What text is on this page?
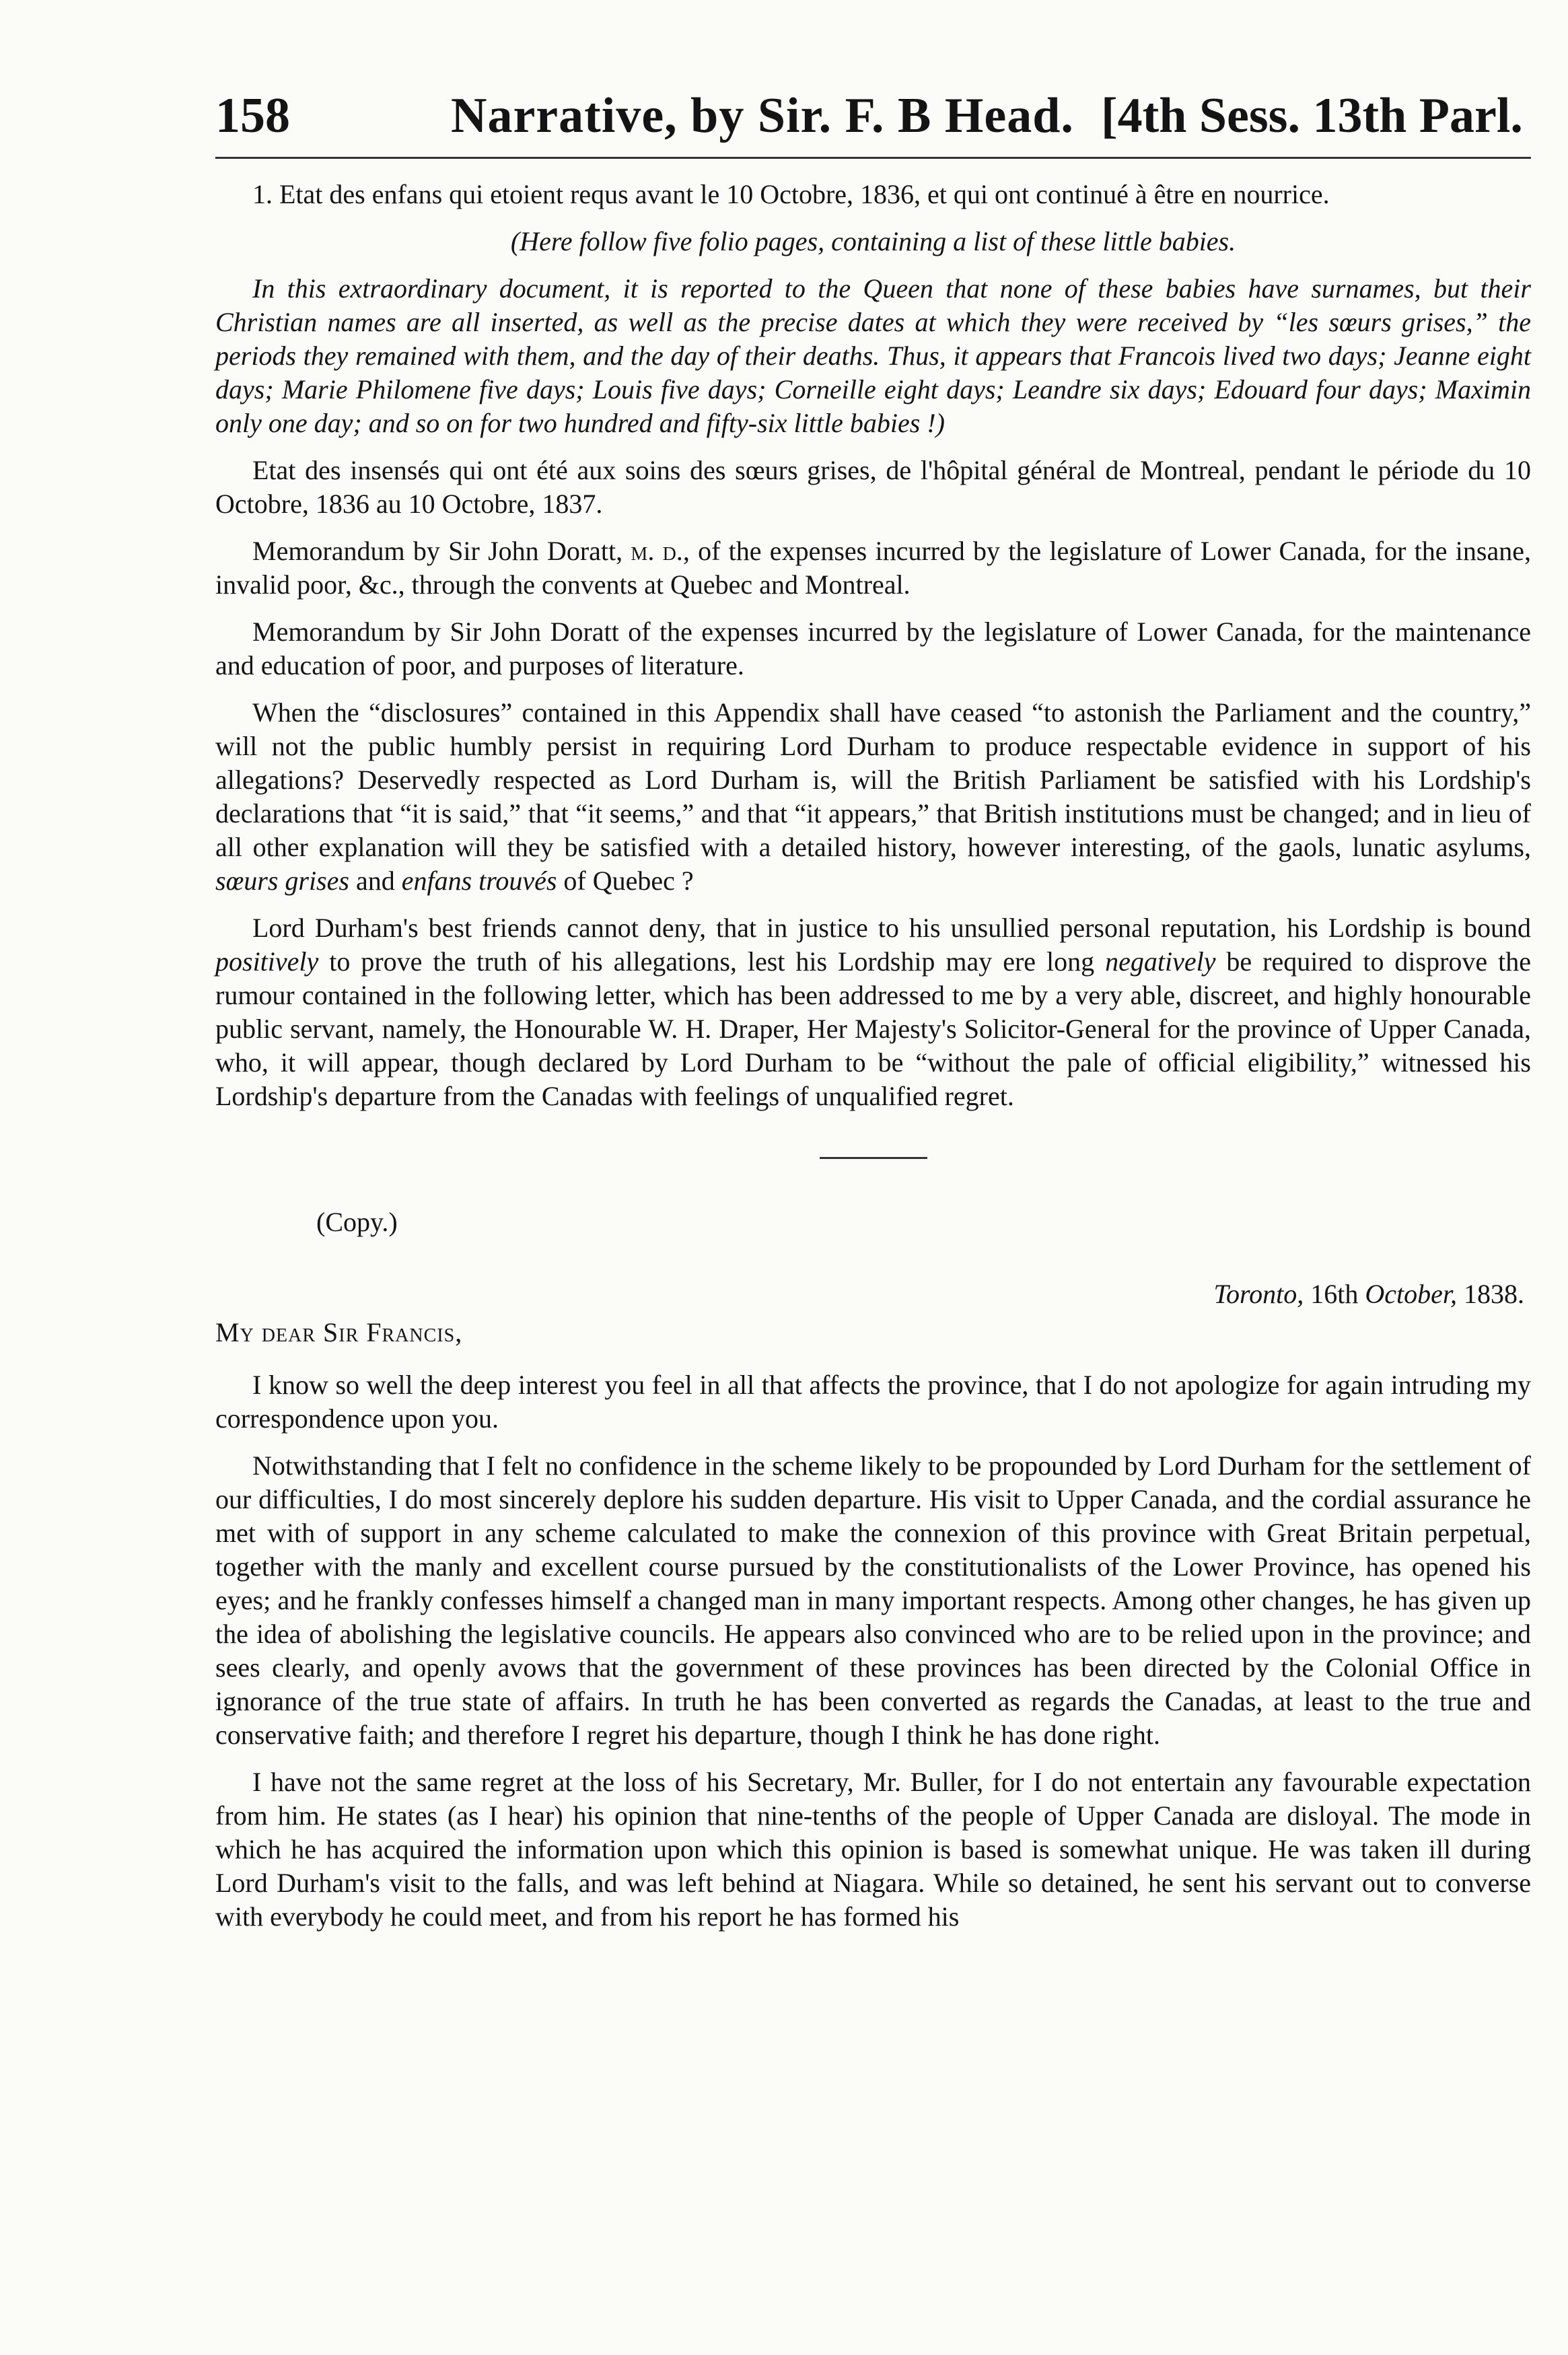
158	Narrative, by Sir. F. B Head. [4th Sess. 13th Parl.

1. Etat des enfans qui etoient requs avant le 10 Octobre, 1836, et qui ont continué à être en nourrice.

(Here follow five folio pages, containing a list of these little babies.

In this extraordinary document, it is reported to the Queen that none of these babies have surnames, but their Christian names are all inserted, as well as the precise dates at which they were received by “les sœurs grises,” the periods they remained with them, and the day of their deaths. Thus, it appears that Francois lived two days; Jeanne eight days; Marie Philomene five days; Louis five days; Corneille eight days; Leandre six days; Edouard four days; Maximin only one day; and so on for two hundred and fifty-six little babies !)

Etat des insensés qui ont été aux soins des sœurs grises, de l'hôpital général de Montreal, pendant le période du 10 Octobre, 1836 au 10 Octobre, 1837.

Memorandum by Sir John Doratt, m. d., of the expenses incurred by the legislature of Lower Canada, for the insane, invalid poor, &c., through the convents at Quebec and Montreal.

Memorandum by Sir John Doratt of the expenses incurred by the legislature of Lower Canada, for the maintenance and education of poor, and purposes of literature.

When the “disclosures” contained in this Appendix shall have ceased “to astonish the Parliament and the country,” will not the public humbly persist in requiring Lord Durham to produce respectable evidence in support of his allegations? Deservedly respected as Lord Durham is, will the British Parliament be satisfied with his Lordship's declarations that “it is said,” that “it seems,” and that “it appears,” that British institutions must be changed; and in lieu of all other explanation will they be satisfied with a detailed history, however interesting, of the gaols, lunatic asylums, sœurs grises and enfans trouvés of Quebec ?

Lord Durham's best friends cannot deny, that in justice to his unsullied personal reputation, his Lordship is bound positively to prove the truth of his allegations, lest his Lordship may ere long negatively be required to disprove the rumour contained in the following letter, which has been addressed to me by a very able, discreet, and highly honourable public servant, namely, the Honourable W. H. Draper, Her Majesty's Solicitor-General for the province of Upper Canada, who, it will appear, though declared by Lord Durham to be “without the pale of official eligibility,” witnessed his Lordship's departure from the Canadas with feelings of unqualified regret.

(Copy.)
Toronto, 16th October, 1838.
My dear Sir Francis,

I know so well the deep interest you feel in all that affects the province, that I do not apologize for again intruding my correspondence upon you.

Notwithstanding that I felt no confidence in the scheme likely to be propounded by Lord Durham for the settlement of our difficulties, I do most sincerely deplore his sudden departure. His visit to Upper Canada, and the cordial assurance he met with of support in any scheme calculated to make the connexion of this province with Great Britain perpetual, together with the manly and excellent course pursued by the constitutionalists of the Lower Province, has opened his eyes; and he frankly confesses himself a changed man in many important respects. Among other changes, he has given up the idea of abolishing the legislative councils. He appears also convinced who are to be relied upon in the province; and sees clearly, and openly avows that the government of these provinces has been directed by the Colonial Office in ignorance of the true state of affairs. In truth he has been converted as regards the Canadas, at least to the true and conservative faith; and therefore I regret his departure, though I think he has done right.

I have not the same regret at the loss of his Secretary, Mr. Buller, for I do not entertain any favourable expectation from him. He states (as I hear) his opinion that nine-tenths of the people of Upper Canada are disloyal. The mode in which he has acquired the information upon which this opinion is based is somewhat unique. He was taken ill during Lord Durham's visit to the falls, and was left behind at Niagara. While so detained, he sent his servant out to converse with everybody he could meet, and from his report he has formed his
